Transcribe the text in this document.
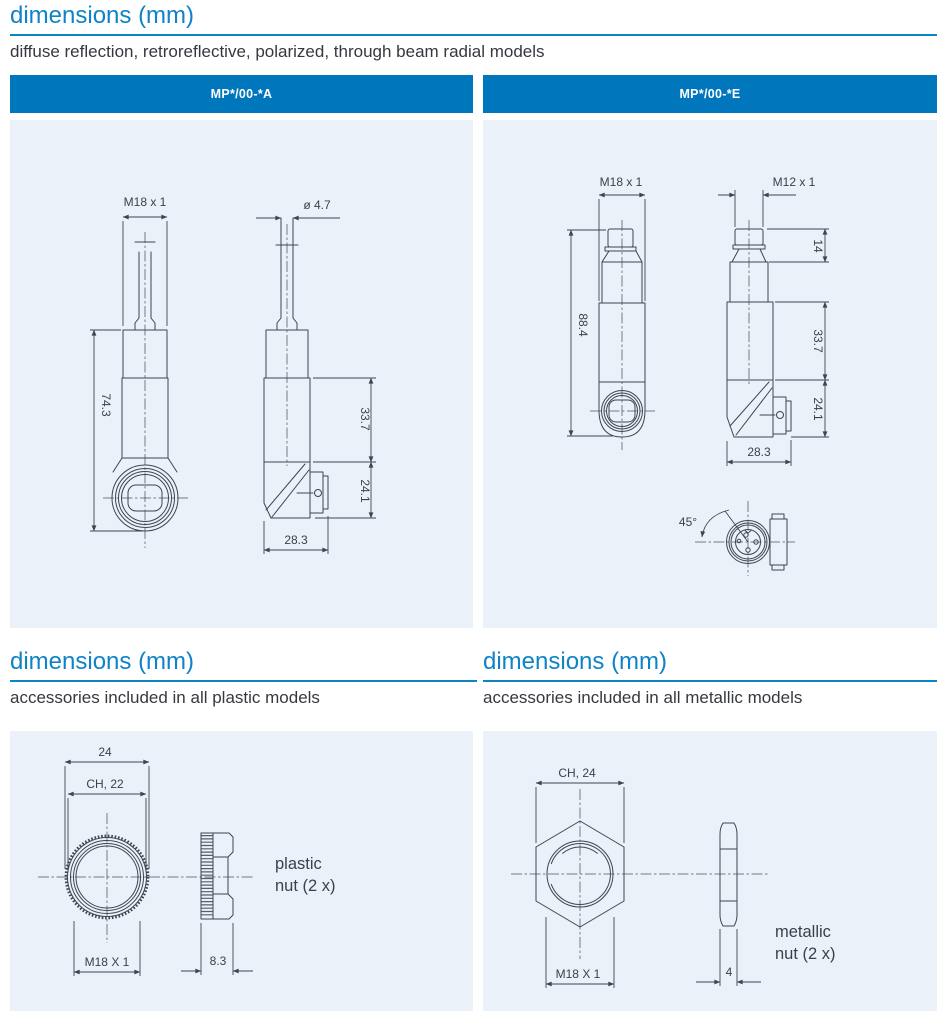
dimensions (mm)
diffuse reflection, retroreflective, polarized, through beam radial models
MP*/00-*A	MP*/00-*E
M18 x 1
74.3
ø 4.7
33.7
24.1
28.3
M18 x 1
88.4
M12 x 1
14
33.7
24.1
28.3
45°
dimensions (mm)
accessories included in all plastic models
24
CH, 22
M18 X 1	8.3
plastic
nut (2 x)
dimensions (mm)
accessories included in all metallic models
CH, 24
M18 X 1	4
metallic
nut (2 x)
